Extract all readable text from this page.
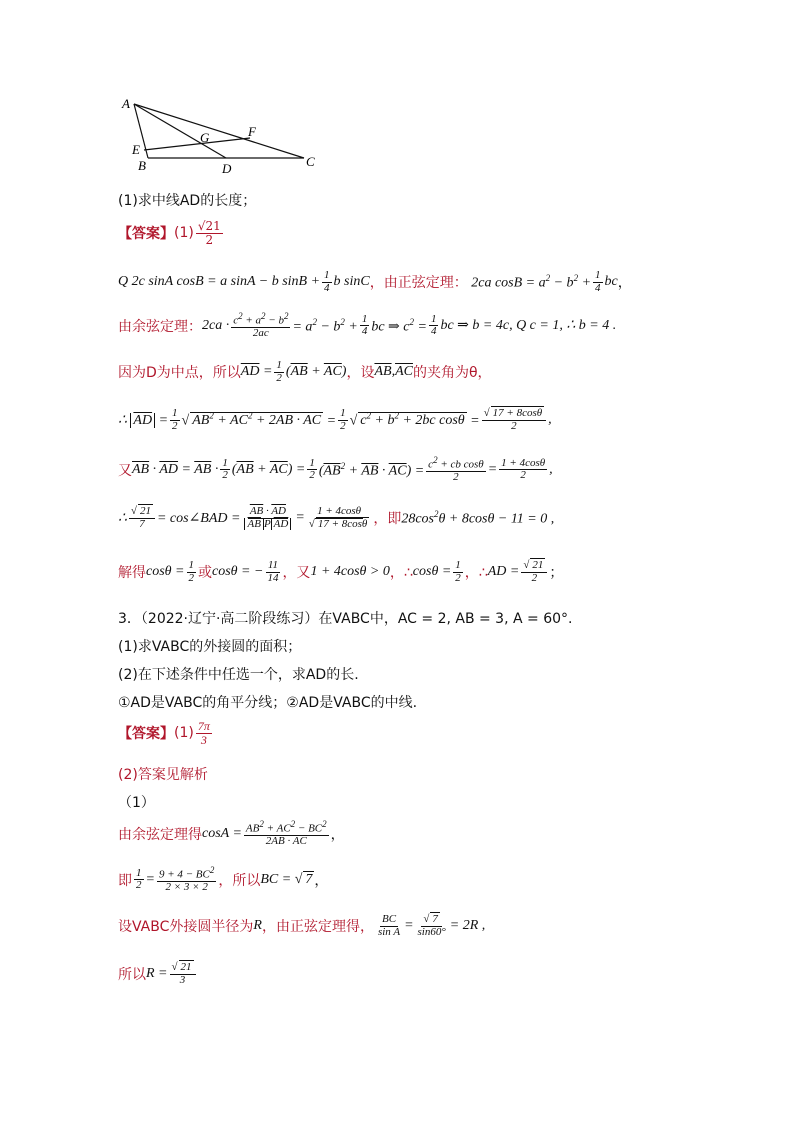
A
B	C
D
E
F
G
(1)求中线AD的长度；
【答案】 $(1) \frac{√21}{2}$
Q 2c sinA cosB = a sinA − b $\sin B + \frac{1}{4}$ b sinC ，由正弦定理： 2ca $\cos B = a^2 - b^2 + \frac{1}{4}$ bc ，
由余弦定理： $2ca \cdot \frac{c^2 + a^2 - b^2}{2ac} = a^2 - b^2 + \frac{1}{4}$ bc ⇒ $c^2 = \frac{1}{4}$ bc ⇒ b = 4c, Q c = 1, ∴ b = 4 .
因为D为中点，所以 $\overline{AD} = \frac{1}{2} (\overline{AB} + \overline{AC})$ ，设 $\overline{AB}$ , $\overline{AC}$ 的夹角为θ，
∴ $\overline{AD} = \frac{1}{2}$ √ $AB^2 + \overline{AC}^2 + 2\overline{AB} \cdot \overline{AC} = \frac{1}{2}$ √ $c^2 + b^2 + 2bc$ $\cos\theta = \frac{√ 17 + 8\cos\theta}{2}$ ,
又 $\overline{AB} \cdot \overline{AD} = \overline{AB} \cdot \frac{1}{2} (\overline{AB} + \overline{AC}) = \frac{1}{2} (\overline{AB}^2 + \overline{AB} \cdot \overline{AC}) = \frac{c^2 + cb \cos\theta}{2} = \frac{1 + 4\cos\theta}{2}$ ,
∴ $\frac{√ 21}{7}$ = cos∠BAD = $\frac{\overline{AB} \cdot \overline{AD}}{\overline{AB} P \overline{AD}} = \frac{1 + 4\cos\theta}{√ 17 + 8\cos\theta}$ ，即 $28\cos^2\theta + 8\cos\theta - 11 = 0$ ,
解得 $\cos\theta = \frac{1}{2}$ 或 cosθ = − $\frac{11}{14}$ ，又 1 + 4cosθ > 0 ，∴ $\cos\theta = \frac{1}{2}$ ，∴ AD = $\frac{√ 21}{2}$ ；
3．（2022·辽宁·高二阶段练习）在VABC中，AC = 2, AB = 3, A = 60°.
(1)求VABC的外接圆的面积；
(2)在下述条件中任选一个，求AD的长.
①AD是VABC的角平分线；②AD是VABC的中线.
【答案】 $(1) \frac{7\pi}{3}$
(2)答案见解析
（1）
由余弦定理得 $\cos A = \frac{AB^2 + AC^2 - BC^2}{2AB \cdot AC}$ ，
即 $\frac{1}{2} = \frac{9 + 4 - BC^2}{2 \times 3 \times 2}$ ，所以 BC = √ 7 ，
设VABC外接圆半径为 R ，由正弦定理得， $\frac{BC}{\text{sin A}} = \frac{√ 7}{\sin 60^\circ} = 2R$ ,
所以 $R = \frac{√ 21}{3}$
